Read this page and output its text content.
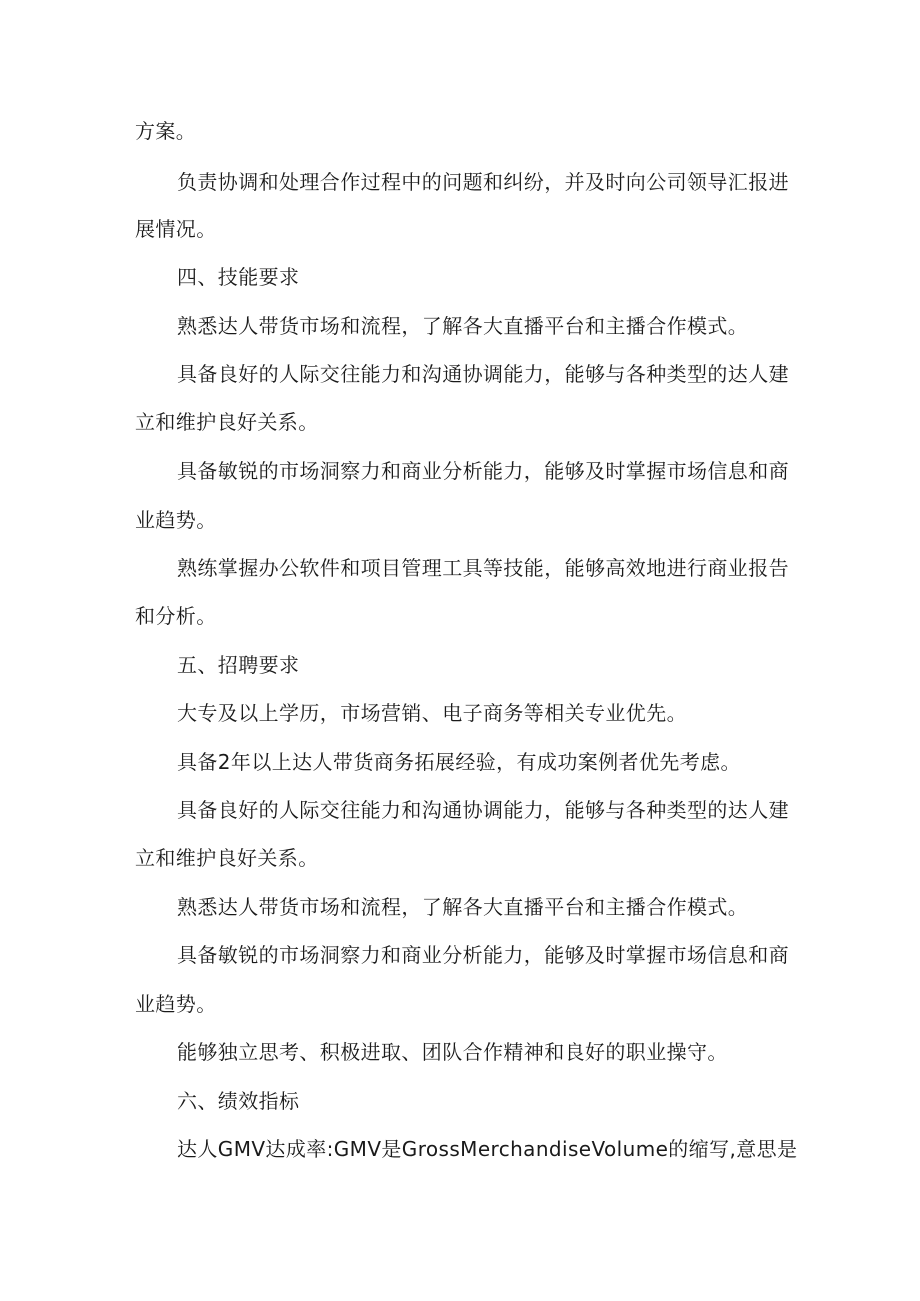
方案。
负责协调和处理合作过程中的问题和纠纷，并及时向公司领导汇报进
展情况。
四、技能要求
熟悉达人带货市场和流程，了解各大直播平台和主播合作模式。
具备良好的人际交往能力和沟通协调能力，能够与各种类型的达人建
立和维护良好关系。
具备敏锐的市场洞察力和商业分析能力，能够及时掌握市场信息和商
业趋势。
熟练掌握办公软件和项目管理工具等技能，能够高效地进行商业报告
和分析。
五、招聘要求
大专及以上学历，市场营销、电子商务等相关专业优先。
具备2年以上达人带货商务拓展经验，有成功案例者优先考虑。
具备良好的人际交往能力和沟通协调能力，能够与各种类型的达人建
立和维护良好关系。
熟悉达人带货市场和流程，了解各大直播平台和主播合作模式。
具备敏锐的市场洞察力和商业分析能力，能够及时掌握市场信息和商
业趋势。
能够独立思考、积极进取、团队合作精神和良好的职业操守。
六、绩效指标
达人GMV达成率:GMV是GrossMerchandiseVolume的缩写,意思是
